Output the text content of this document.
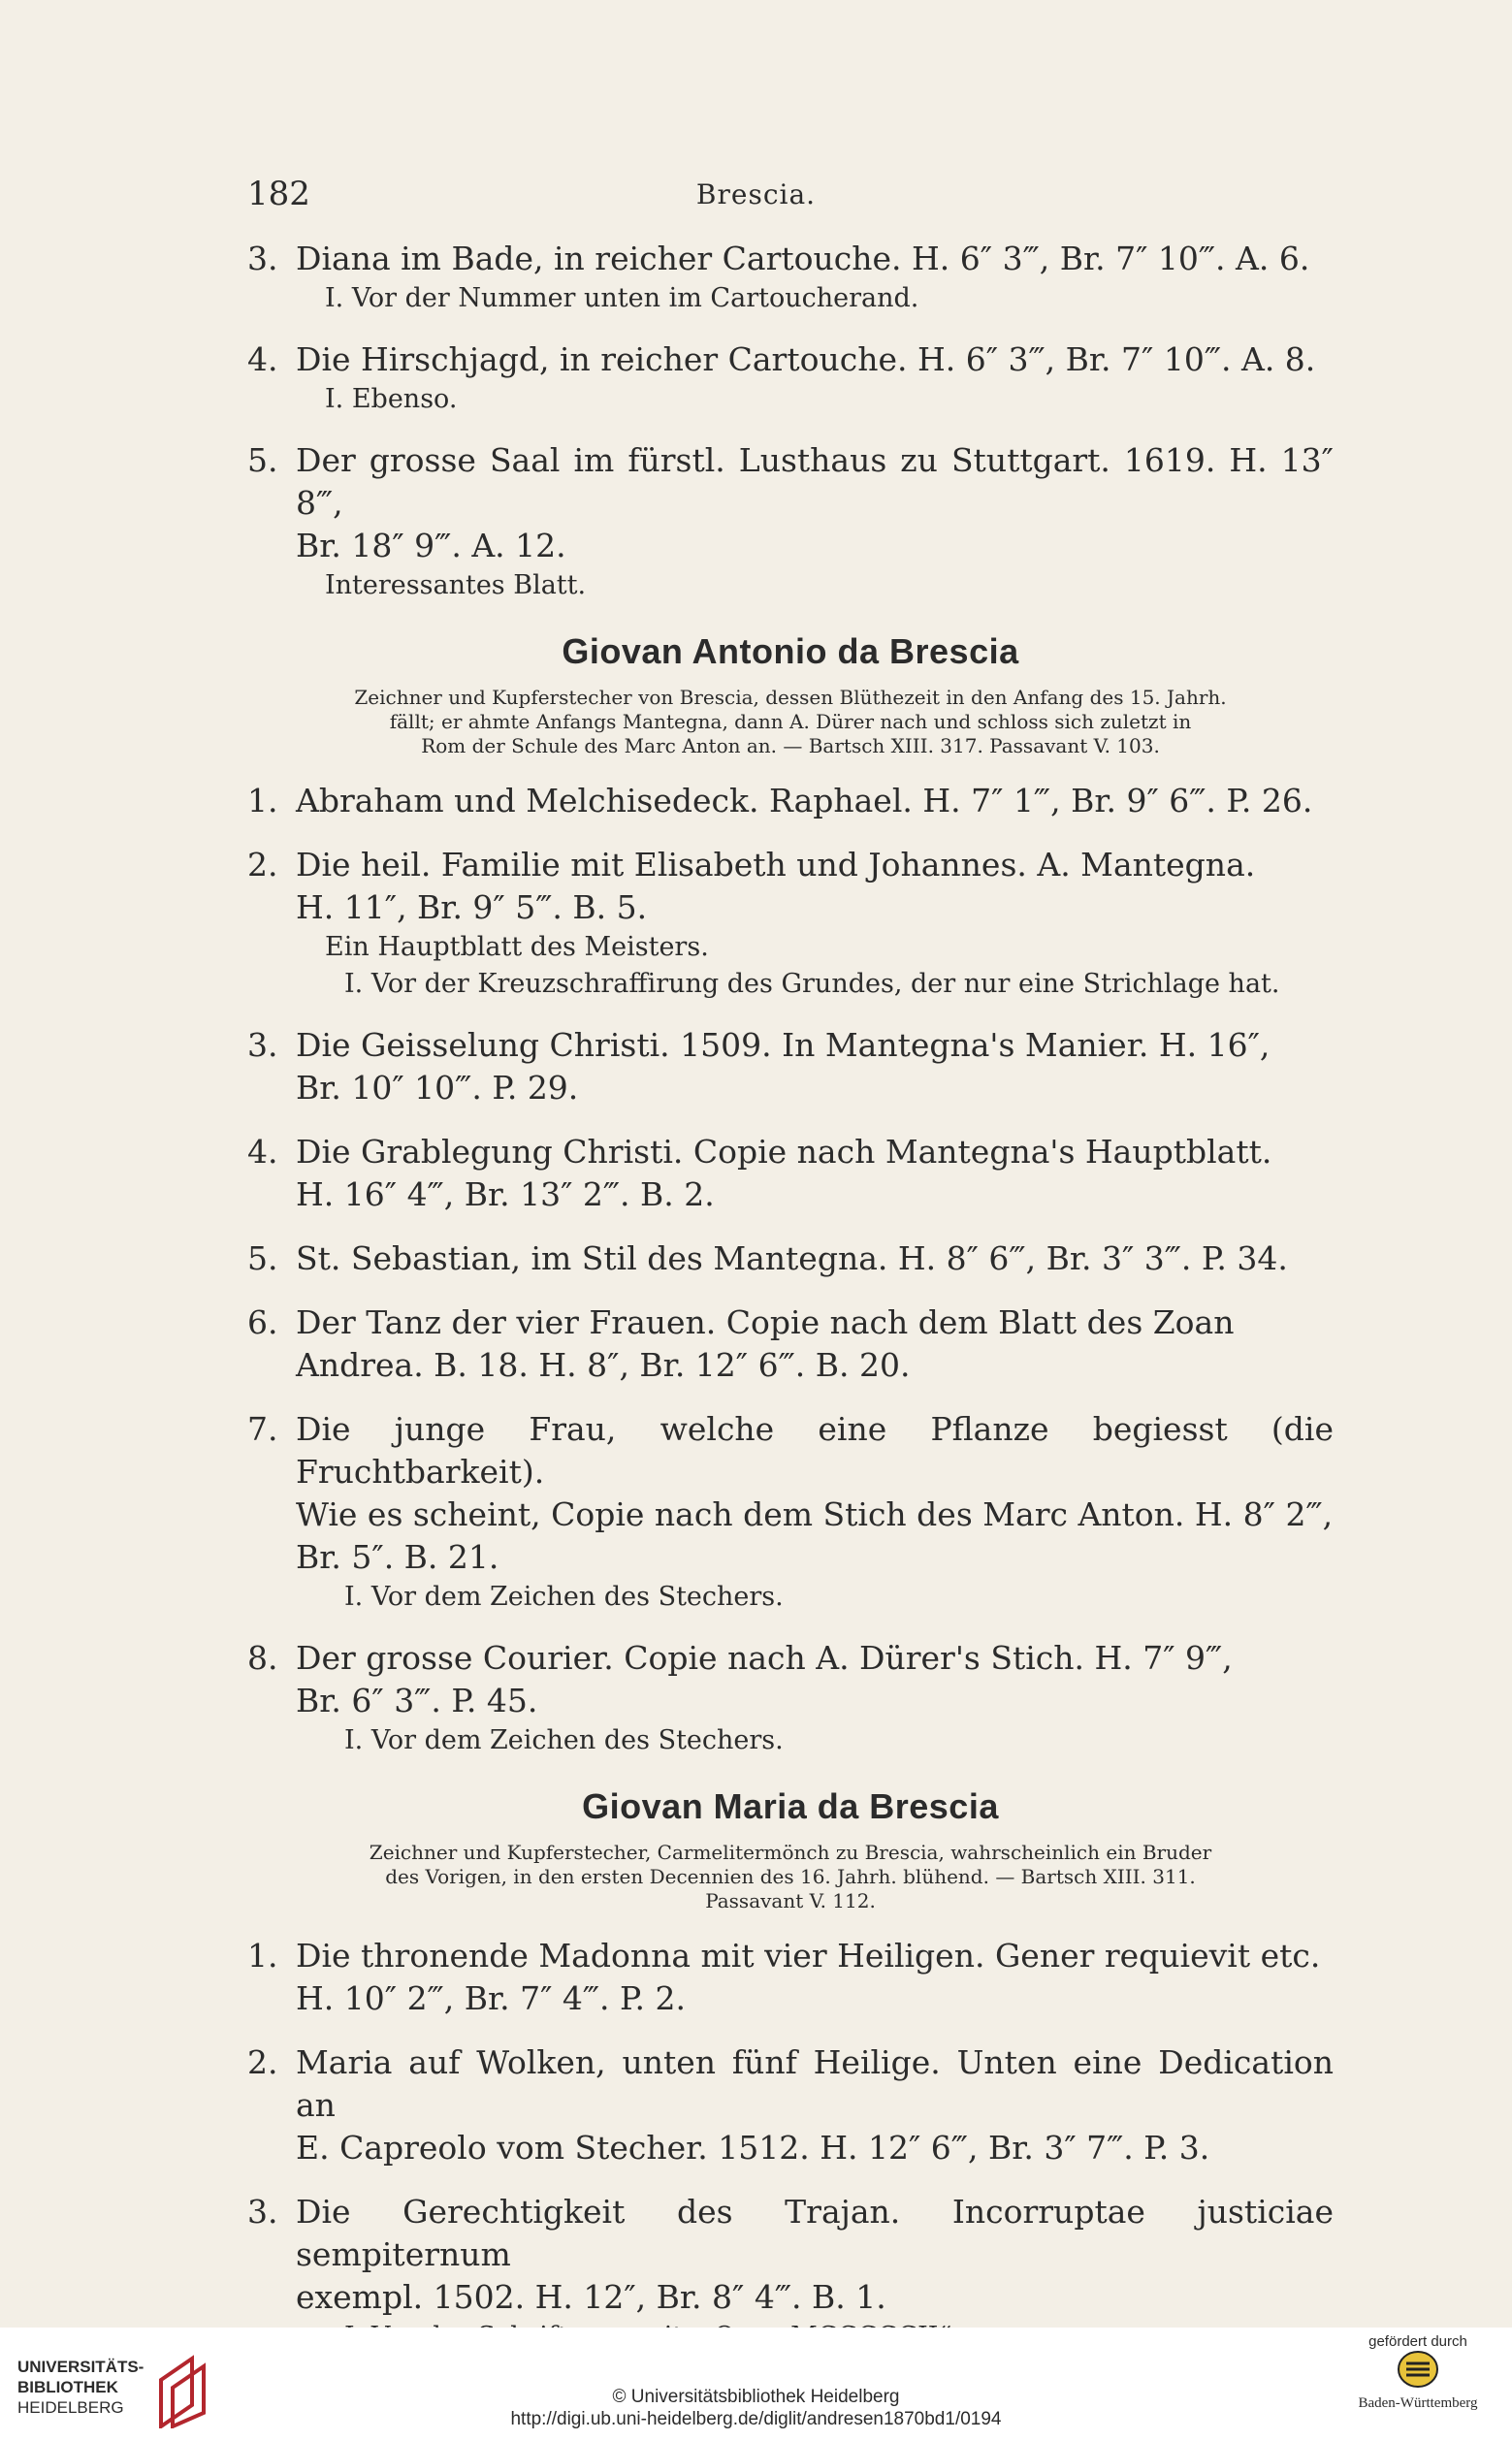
182	Brescia.
3. Diana im Bade, in reicher Cartouche. H. 6″ 3‴, Br. 7″ 10‴. A. 6.
I. Vor der Nummer unten im Cartoucherand.
4. Die Hirschjagd, in reicher Cartouche. H. 6″ 3‴, Br. 7″ 10‴. A. 8.
I. Ebenso.
5. Der grosse Saal im fürstl. Lusthaus zu Stuttgart. 1619. H. 13″ 8‴,
Br. 18″ 9‴. A. 12.
Interessantes Blatt.
Giovan Antonio da Brescia
Zeichner und Kupferstecher von Brescia, dessen Blüthezeit in den Anfang des 15. Jahrh.
fällt; er ahmte Anfangs Mantegna, dann A. Dürer nach und schloss sich zuletzt in
Rom der Schule des Marc Anton an. — Bartsch XIII. 317. Passavant V. 103.
1. Abraham und Melchisedeck. Raphael. H. 7″ 1‴, Br. 9″ 6‴. P. 26.
2. Die heil. Familie mit Elisabeth und Johannes. A. Mantegna.
H. 11″, Br. 9″ 5‴. B. 5.
Ein Hauptblatt des Meisters.
I. Vor der Kreuzschraffirung des Grundes, der nur eine Strichlage hat.
3. Die Geisselung Christi. 1509. In Mantegna's Manier. H. 16″,
Br. 10″ 10‴. P. 29.
4. Die Grablegung Christi. Copie nach Mantegna's Hauptblatt.
H. 16″ 4‴, Br. 13″ 2‴. B. 2.
5. St. Sebastian, im Stil des Mantegna. H. 8″ 6‴, Br. 3″ 3‴. P. 34.
6. Der Tanz der vier Frauen. Copie nach dem Blatt des Zoan
Andrea. B. 18. H. 8″, Br. 12″ 6‴. B. 20.
7. Die junge Frau, welche eine Pflanze begiesst (die Fruchtbarkeit).
Wie es scheint, Copie nach dem Stich des Marc Anton. H. 8″ 2‴,
Br. 5″. B. 21.
I. Vor dem Zeichen des Stechers.
8. Der grosse Courier. Copie nach A. Dürer's Stich. H. 7″ 9‴,
Br. 6″ 3‴. P. 45.
I. Vor dem Zeichen des Stechers.
Giovan Maria da Brescia
Zeichner und Kupferstecher, Carmelitermönch zu Brescia, wahrscheinlich ein Bruder
des Vorigen, in den ersten Decennien des 16. Jahrh. blühend. — Bartsch XIII. 311.
Passavant V. 112.
1. Die thronende Madonna mit vier Heiligen. Gener requievit etc.
H. 10″ 2‴, Br. 7″ 4‴. P. 2.
2. Maria auf Wolken, unten fünf Heilige. Unten eine Dedication an
E. Capreolo vom Stecher. 1512. H. 12″ 6‴, Br. 3″ 7‴. P. 3.
3. Die Gerechtigkeit des Trajan. Incorruptae justiciae sempiternum
exempl. 1502. H. 12″, Br. 8″ 4‴. B. 1.
UNIVERSITÄTS-
BIBLIOTHEK
HEIDELBERG
© Universitätsbibliothek Heidelberg
http://digi.ub.uni-heidelberg.de/diglit/andresen1870bd1/0194
gefördert durch
Baden-Württemberg
